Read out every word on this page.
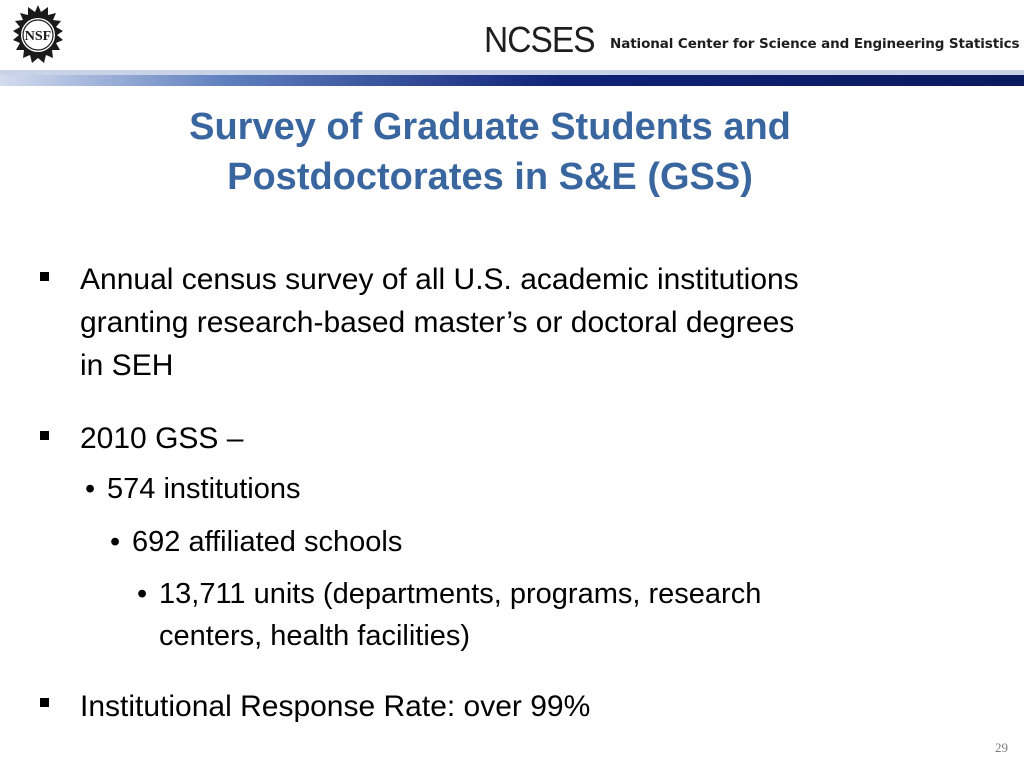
NSF	NCSES National Center for Science and Engineering Statistics
Survey of Graduate Students and
Postdoctorates in S&E (GSS)
Annual census survey of all U.S. academic institutions
granting research-based master’s or doctoral degrees
in SEH
2010 GSS –
• 574 institutions
• 692 affiliated schools
• 13,711 units (departments, programs, research
centers, health facilities)
Institutional Response Rate: over 99%
29
